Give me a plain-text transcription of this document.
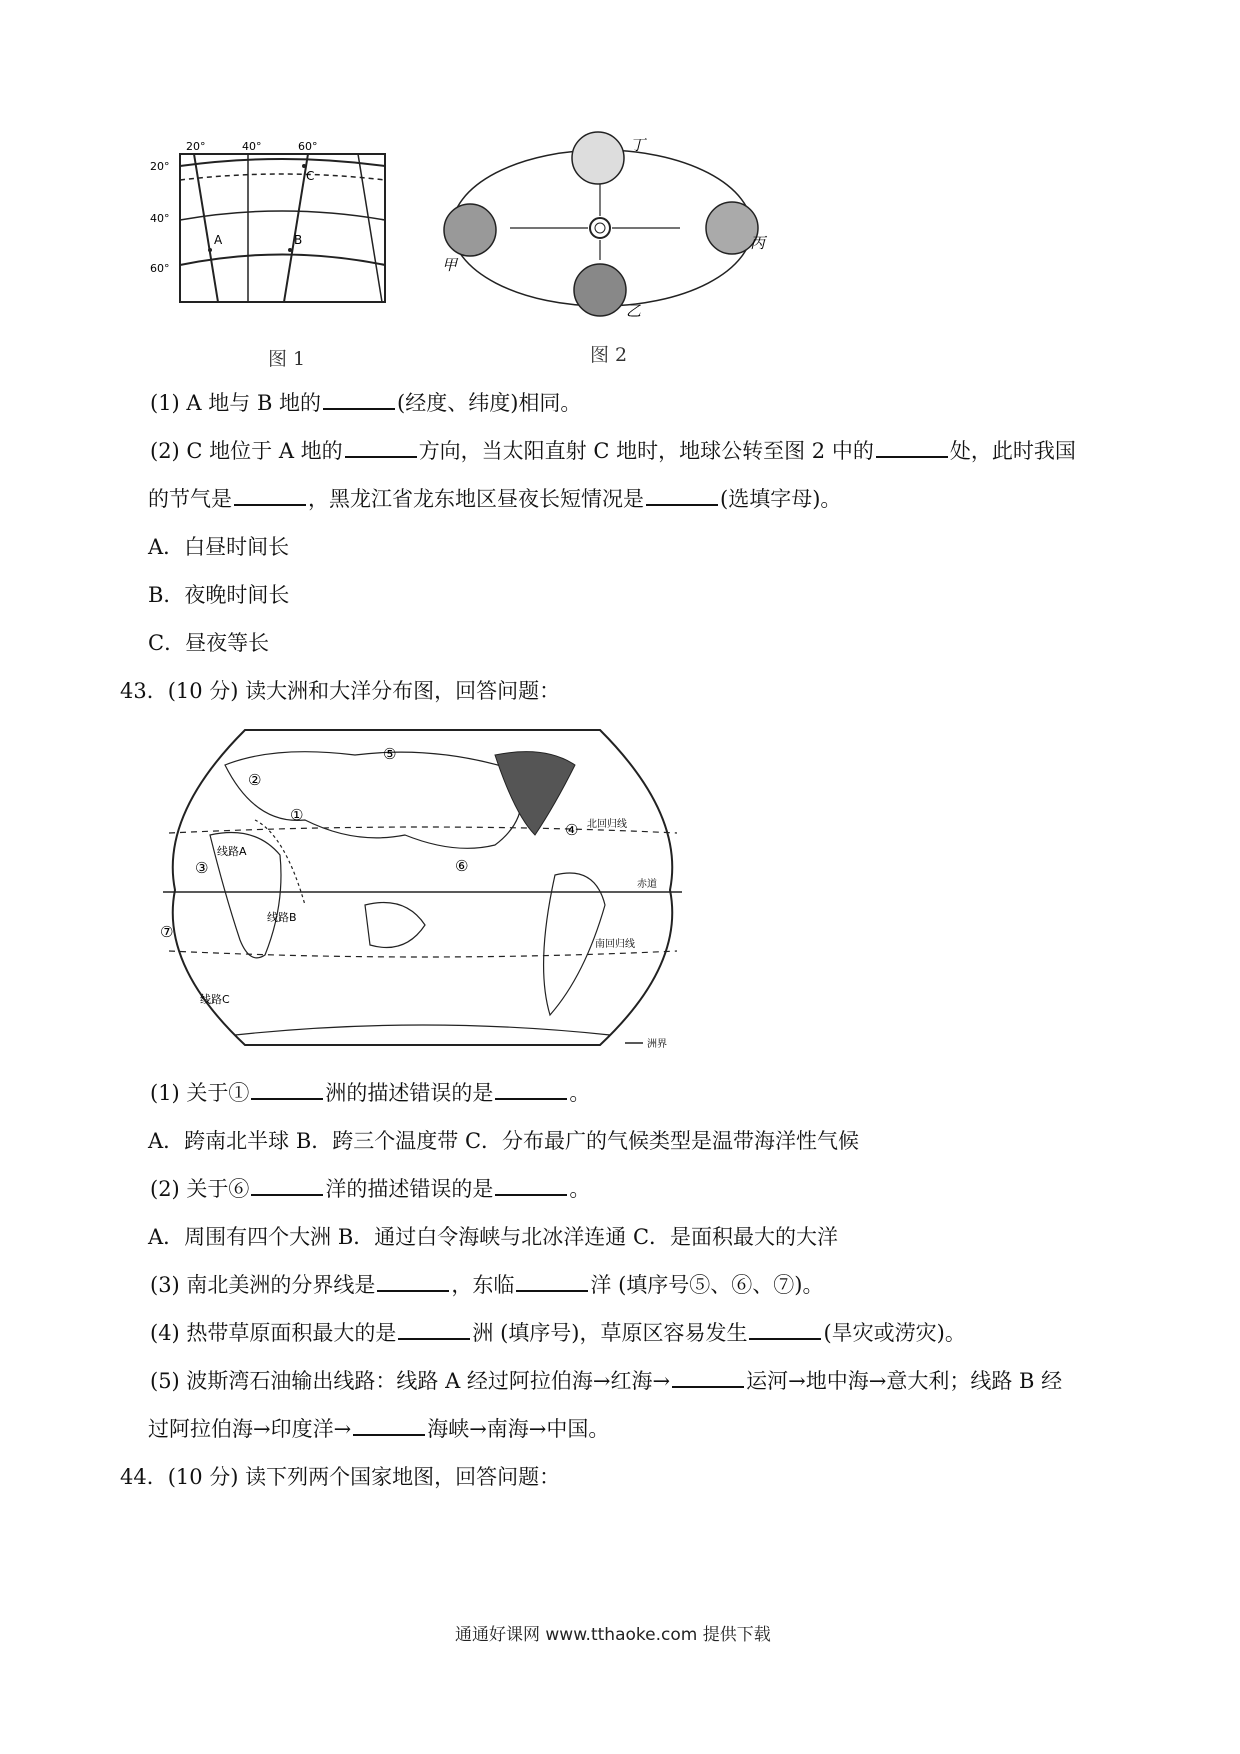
20°	40°	60°
20°
40°
60°
A	B
C
图 1
丁
丙
乙
甲
图 2
(1) A 地与 B 地的	(经度、纬度)相同。
(2) C 地位于 A 地的	方向，当太阳直射 C 地时，地球公转至图 2 中的	处，此时我国
的节气是	，黑龙江省龙东地区昼夜长短情况是	(选填字母)。
A．白昼时间长
B．夜晚时间长
C．昼夜等长
43．(10 分) 读大洲和大洋分布图，回答问题：
①
②
③
④
⑤
⑥
⑦
线路A
线路B
线路C
北回归线
赤道
南回归线
洲界
(1) 关于①	洲的描述错误的是	。
A．跨南北半球 B．跨三个温度带 C．分布最广的气候类型是温带海洋性气候
(2) 关于⑥	洋的描述错误的是	。
A．周围有四个大洲 B．通过白令海峡与北冰洋连通 C．是面积最大的大洋
(3) 南北美洲的分界线是	，东临	洋 (填序号⑤、⑥、⑦)。
(4) 热带草原面积最大的是	洲 (填序号)，草原区容易发生	(旱灾或涝灾)。
(5) 波斯湾石油输出线路：线路 A 经过阿拉伯海→红海→	运河→地中海→意大利；线路 B 经
过阿拉伯海→印度洋→	海峡→南海→中国。
44．(10 分) 读下列两个国家地图，回答问题：
通通好课网 www.tthaoke.com 提供下载
